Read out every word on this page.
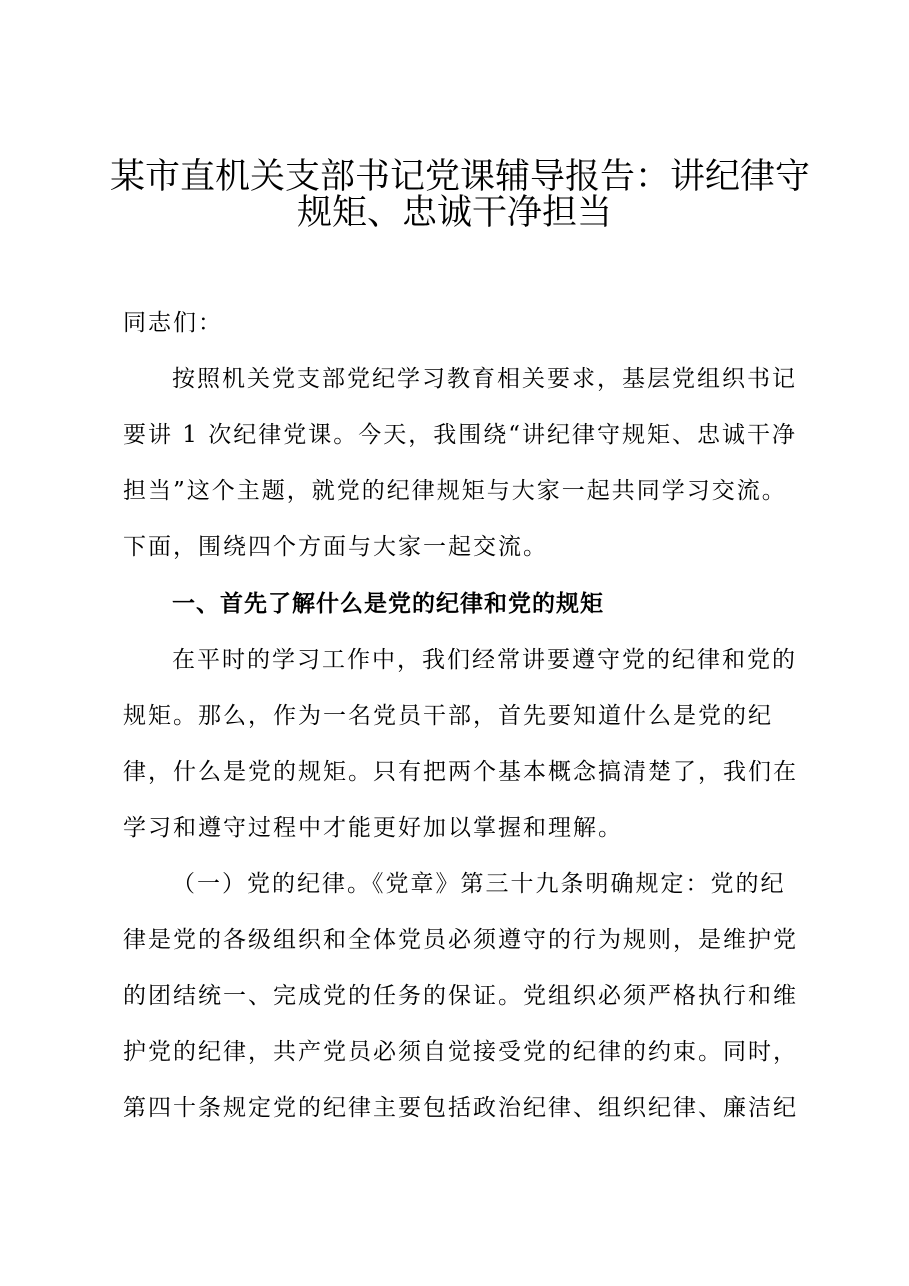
某市直机关支部书记党课辅导报告：讲纪律守
规矩、忠诚干净担当
同志们：
按照机关党支部党纪学习教育相关要求，基层党组织书记
要讲 1 次纪律党课。今天，我围绕“讲纪律守规矩、忠诚干净
担当”这个主题，就党的纪律规矩与大家一起共同学习交流。
下面，围绕四个方面与大家一起交流。
一、首先了解什么是党的纪律和党的规矩
在平时的学习工作中，我们经常讲要遵守党的纪律和党的
规矩。那么，作为一名党员干部，首先要知道什么是党的纪
律，什么是党的规矩。只有把两个基本概念搞清楚了，我们在
学习和遵守过程中才能更好加以掌握和理解。
（一）党的纪律。《党章》第三十九条明确规定：党的纪
律是党的各级组织和全体党员必须遵守的行为规则，是维护党
的团结统一、完成党的任务的保证。党组织必须严格执行和维
护党的纪律，共产党员必须自觉接受党的纪律的约束。同时，
第四十条规定党的纪律主要包括政治纪律、组织纪律、廉洁纪
